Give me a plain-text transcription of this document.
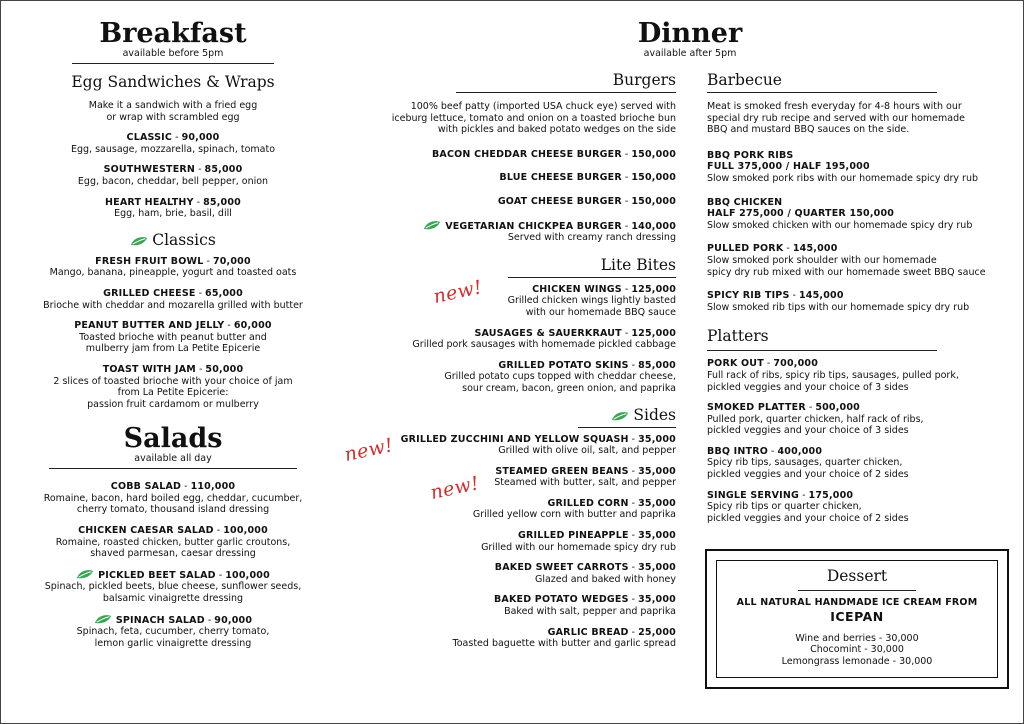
Breakfast
available before 5pm
Egg Sandwiches & Wraps
Make it a sandwich with a fried egg
or wrap with scrambled egg
CLASSIC - 90,000
Egg, sausage, mozzarella, spinach, tomato
SOUTHWESTERN - 85,000
Egg, bacon, cheddar, bell pepper, onion
HEART HEALTHY - 85,000
Egg, ham, brie, basil, dill
Classics
FRESH FRUIT BOWL - 70,000
Mango, banana, pineapple, yogurt and toasted oats
GRILLED CHEESE - 65,000
Brioche with cheddar and mozarella grilled with butter
PEANUT BUTTER AND JELLY - 60,000
Toasted brioche with peanut butter and
mulberry jam from La Petite Epicerie
TOAST WITH JAM - 50,000
2 slices of toasted brioche with your choice of jam
from La Petite Epicerie:
passion fruit cardamom or mulberry
Salads
available all day
COBB SALAD - 110,000
Romaine, bacon, hard boiled egg, cheddar, cucumber,
cherry tomato, thousand island dressing
CHICKEN CAESAR SALAD - 100,000
Romaine, roasted chicken, butter garlic croutons,
shaved parmesan, caesar dressing
PICKLED BEET SALAD - 100,000
Spinach, pickled beets, blue cheese, sunflower seeds,
balsamic vinaigrette dressing
SPINACH SALAD - 90,000
Spinach, feta, cucumber, cherry tomato,
lemon garlic vinaigrette dressing
Dinner
available after 5pm
Burgers
100% beef patty (imported USA chuck eye) served with
iceburg lettuce, tomato and onion on a toasted brioche bun
with pickles and baked potato wedges on the side
BACON CHEDDAR CHEESE BURGER - 150,000
BLUE CHEESE BURGER - 150,000
GOAT CHEESE BURGER - 150,000
VEGETARIAN CHICKPEA BURGER - 140,000
Served with creamy ranch dressing
Lite Bites
CHICKEN WINGS - 125,000
Grilled chicken wings lightly basted
with our homemade BBQ sauce
SAUSAGES & SAUERKRAUT - 125,000
Grilled pork sausages with homemade pickled cabbage
GRILLED POTATO SKINS - 85,000
Grilled potato cups topped with cheddar cheese,
sour cream, bacon, green onion, and paprika
Sides
GRILLED ZUCCHINI AND YELLOW SQUASH - 35,000
Grilled with olive oil, salt, and pepper
STEAMED GREEN BEANS - 35,000
Steamed with butter, salt, and pepper
GRILLED CORN - 35,000
Grilled yellow corn with butter and paprika
GRILLED PINEAPPLE - 35,000
Grilled with our homemade spicy dry rub
BAKED SWEET CARROTS - 35,000
Glazed and baked with honey
BAKED POTATO WEDGES - 35,000
Baked with salt, pepper and paprika
GARLIC BREAD - 25,000
Toasted baguette with butter and garlic spread
new!
new!
new!
Barbecue
Meat is smoked fresh everyday for 4-8 hours with our
special dry rub recipe and served with our homemade
BBQ and mustard BBQ sauces on the side.
BBQ PORK RIBS
FULL 375,000 / HALF 195,000
Slow smoked pork ribs with our homemade spicy dry rub
BBQ CHICKEN
HALF 275,000 / QUARTER 150,000
Slow smoked chicken with our homemade spicy dry rub
PULLED PORK - 145,000
Slow smoked pork shoulder with our homemade
spicy dry rub mixed with our homemade sweet BBQ sauce
SPICY RIB TIPS - 145,000
Slow smoked rib tips with our homemade spicy dry rub
Platters
PORK OUT - 700,000
Full rack of ribs, spicy rib tips, sausages, pulled pork,
pickled veggies and your choice of 3 sides
SMOKED PLATTER - 500,000
Pulled pork, quarter chicken, half rack of ribs,
pickled veggies and your choice of 3 sides
BBQ INTRO - 400,000
Spicy rib tips, sausages, quarter chicken,
pickled veggies and your choice of 2 sides
SINGLE SERVING - 175,000
Spicy rib tips or quarter chicken,
pickled veggies and your choice of 2 sides
Dessert
ALL NATURAL HANDMADE ICE CREAM FROM
ICEPAN
Wine and berries - 30,000
Chocomint - 30,000
Lemongrass lemonade - 30,000
